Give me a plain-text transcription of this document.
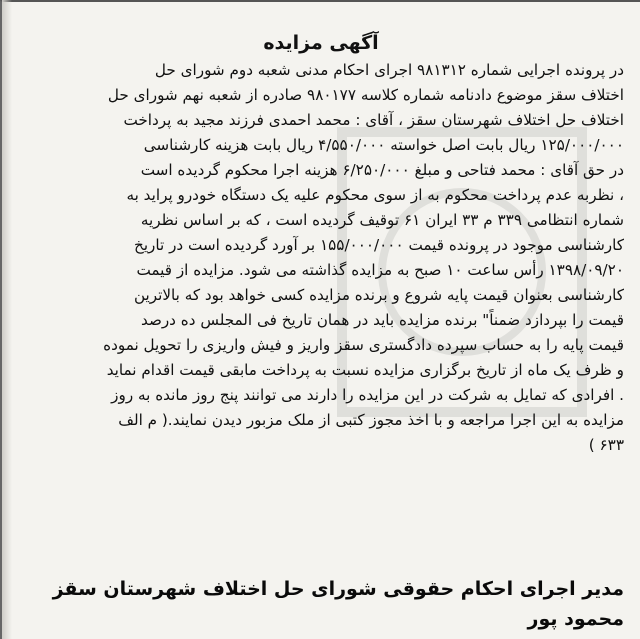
آگهی مزایده

در پرونده اجرایی شماره ۹۸۱۳۱۲ اجرای احکام مدنی شعبه دوم شورای حل

اختلاف سقز موضوع دادنامه شماره کلاسه ۹۸۰۱۷۷ صادره از شعبه نهم شورای حل

اختلاف حل اختلاف شهرستان سقز ، آقای : محمد احمدی فرزند مجید به پرداخت

۱۲۵/۰۰۰/۰۰۰ ریال بابت اصل خواسته ۴/۵۵۰/۰۰۰ ریال بابت هزینه کارشناسی

در حق آقای : محمد فتاحی و مبلغ ۶/۲۵۰/۰۰۰ هزینه اجرا محکوم گردیده است

، نظربه عدم پرداخت محکوم به از سوی محکوم علیه یک دستگاه خودرو پراید به

شماره انتظامی ۳۳۹ م ۳۳ ایران ۶۱ توقیف گردیده است ، که بر اساس نظریه

کارشناسی موجود در پرونده قیمت ۱۵۵/۰۰۰/۰۰۰ بر آورد گردیده است در تاریخ

۱۳۹۸/۰۹/۲۰ رأس ساعت ۱۰ صبح به مزایده گذاشته می شود. مزایده از قیمت

کارشناسی بعنوان قیمت پایه شروع و برنده مزایده کسی خواهد بود که بالاترین

قیمت را بپردازد ضمناً" برنده مزایده باید در همان تاریخ فی المجلس ده درصد

قیمت پایه را به حساب سپرده دادگستری سقز واریز و فیش واریزی را تحویل نموده

و ظرف یک ماه از تاریخ برگزاری مزایده نسبت به پرداخت مابقی قیمت اقدام نماید

. افرادی که تمایل به شرکت در این مزایده را دارند می توانند پنج روز مانده به روز

مزایده به این اجرا مراجعه و با اخذ مجوز کتبی از ملک مزبور دیدن نمایند.( م الف

۶۳۳ )

مدیر اجرای احکام حقوقی شورای حل اختلاف شهرستان سقز
محمود پور
